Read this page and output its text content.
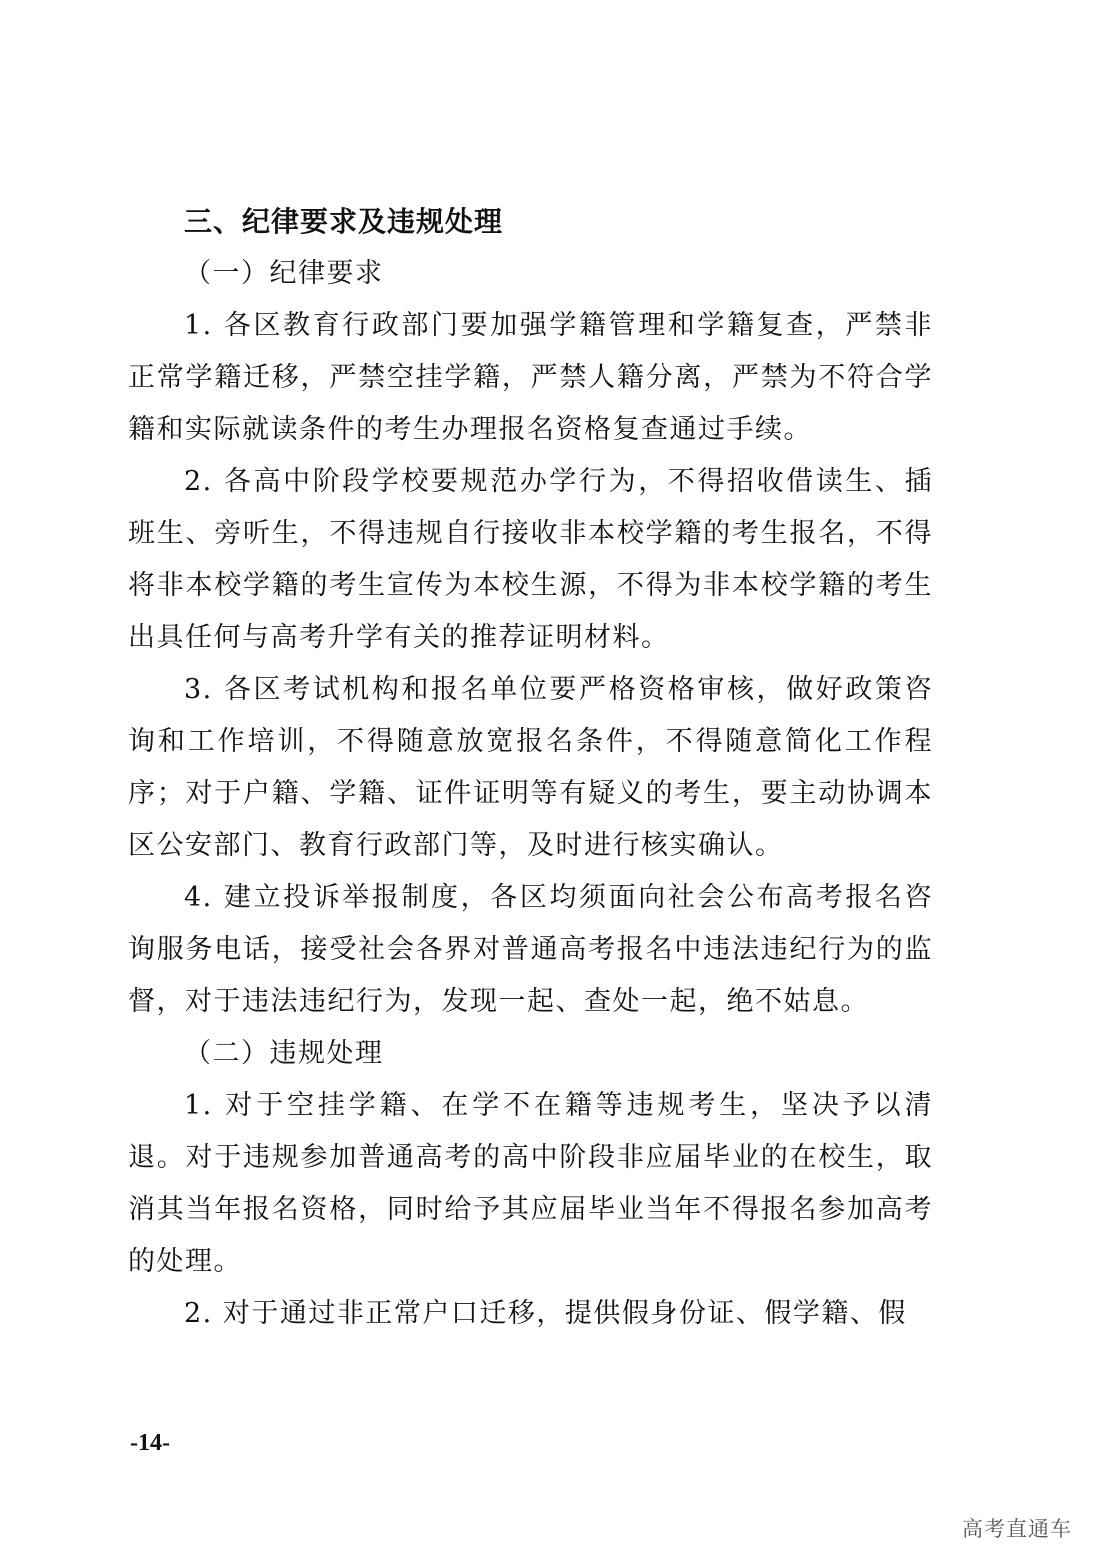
三、纪律要求及违规处理

（一）纪律要求

1. 各区教育行政部门要加强学籍管理和学籍复查，严禁非正常学籍迁移，严禁空挂学籍，严禁人籍分离，严禁为不符合学籍和实际就读条件的考生办理报名资格复查通过手续。

2. 各高中阶段学校要规范办学行为，不得招收借读生、插班生、旁听生，不得违规自行接收非本校学籍的考生报名，不得将非本校学籍的考生宣传为本校生源，不得为非本校学籍的考生出具任何与高考升学有关的推荐证明材料。

3. 各区考试机构和报名单位要严格资格审核，做好政策咨询和工作培训，不得随意放宽报名条件，不得随意简化工作程序；对于户籍、学籍、证件证明等有疑义的考生，要主动协调本区公安部门、教育行政部门等，及时进行核实确认。

4. 建立投诉举报制度，各区均须面向社会公布高考报名咨询服务电话，接受社会各界对普通高考报名中违法违纪行为的监督，对于违法违纪行为，发现一起、查处一起，绝不姑息。

（二）违规处理

1. 对于空挂学籍、在学不在籍等违规考生，坚决予以清退。对于违规参加普通高考的高中阶段非应届毕业的在校生，取消其当年报名资格，同时给予其应届毕业当年不得报名参加高考的处理。

2. 对于通过非正常户口迁移，提供假身份证、假学籍、假

-14-
高考直通车
